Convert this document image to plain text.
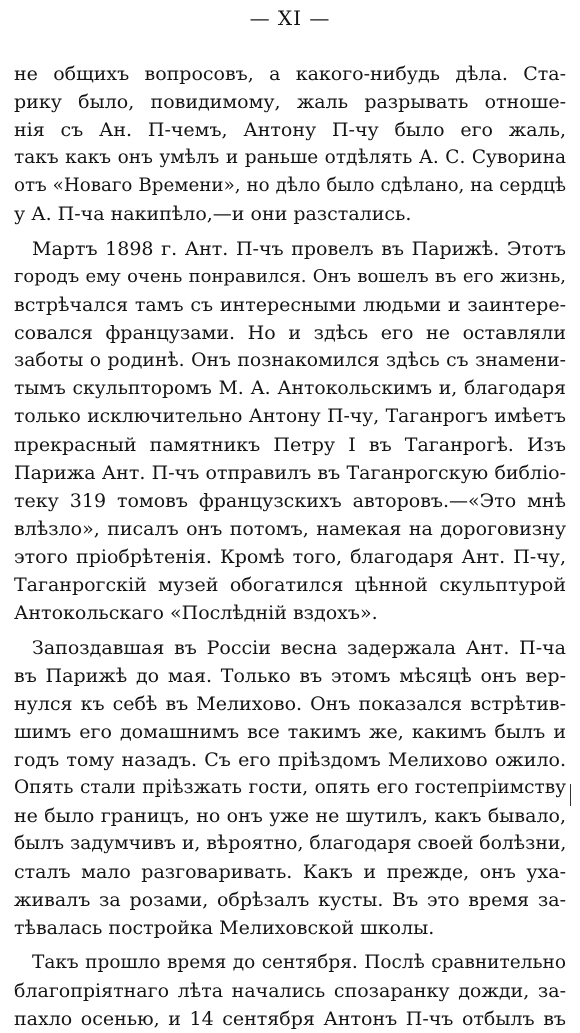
— XI —
не общихъ вопросовъ, а какого-нибудь дѣла. Ста-
рику было, повидимому, жаль разрывать отноше-
нія съ Ан. П-чемъ, Антону П-чу было его жаль,
такъ какъ онъ умѣлъ и раньше отдѣлять А. С. Суворина
отъ «Новаго Времени», но дѣло было сдѣлано, на сердцѣ
у А. П-ча накипѣло,—и они разстались.
Мартъ 1898 г. Ант. П-чъ провелъ въ Парижѣ. Этотъ
городъ ему очень понравился. Онъ вошелъ въ его жизнь,
встрѣчался тамъ съ интересными людьми и заинтере-
совался французами. Но и здѣсь его не оставляли
заботы о родинѣ. Онъ познакомился здѣсь съ знамени-
тымъ скульпторомъ М. А. Антокольскимъ и, благодаря
только исключительно Антону П-чу, Таганрогъ имѣетъ
прекрасный памятникъ Петру I въ Таганрогѣ. Изъ
Парижа Ант. П-чъ отправилъ въ Таганрогскую библіо-
теку 319 томовъ французскихъ авторовъ.—«Это мнѣ
влѣзло», писалъ онъ потомъ, намекая на дороговизну
этого пріобрѣтенія. Кромѣ того, благодаря Ант. П-чу,
Таганрогскій музей обогатился цѣнной скульптурой
Антокольскаго «Послѣдній вздохъ».
Запоздавшая въ Россіи весна задержала Ант. П-ча
въ Парижѣ до мая. Только въ этомъ мѣсяцѣ онъ вер-
нулся къ себѣ въ Мелихово. Онъ показался встрѣтив-
шимъ его домашнимъ все такимъ же, какимъ былъ и
годъ тому назадъ. Съ его пріѣздомъ Мелихово ожило.
Опять стали пріѣзжать гости, опять его гостепріимству
не было границъ, но онъ уже не шутилъ, какъ бывало,
былъ задумчивъ и, вѣроятно, благодаря своей болѣзни,
сталъ мало разговаривать. Какъ и прежде, онъ уха-
живалъ за розами, обрѣзалъ кусты. Въ это время за-
тѣвалась постройка Мелиховской школы.
Такъ прошло время до сентября. Послѣ сравнительно
благопріятнаго лѣта начались спозаранку дожди, за-
пахло осенью, и 14 сентября Антонъ П-чъ отбылъ въ
